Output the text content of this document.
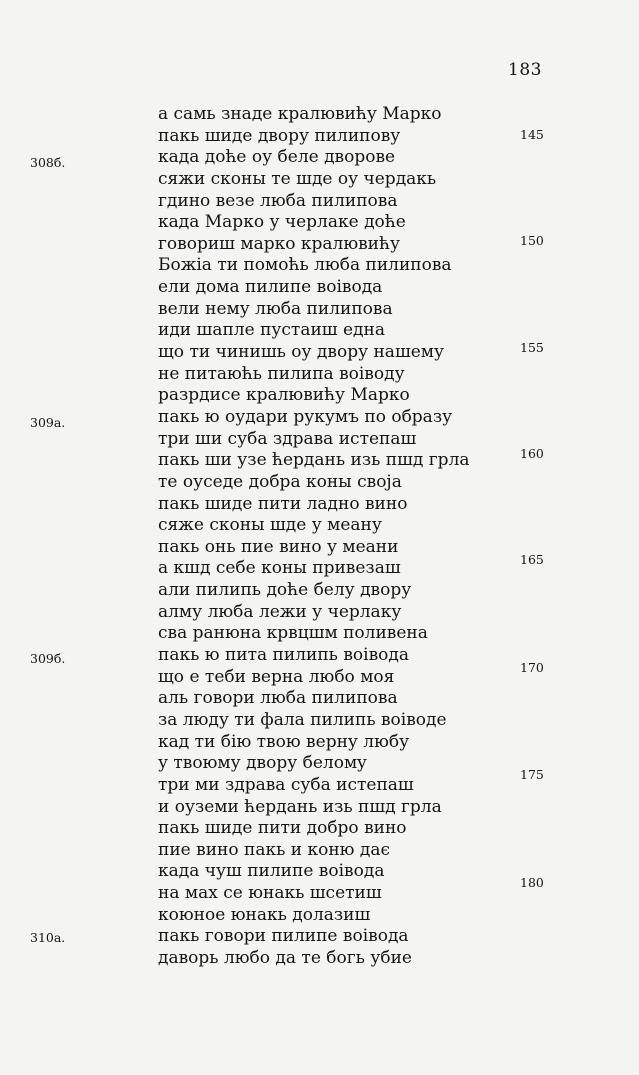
183
а самь знаде кралювићу Марко
пакь шиде двору пилипову
када доће оу беле дворове
сяжи сконы те шде оу чердакь
гдино везе люба пилипова
када Марко у черлаке доће
говориш марко кралювићу
Божіа ти помоћь люба пилипова
ели дома пилипе воівода
вели нему люба пилипова
иди шапле пустаиш една
що ти чинишь оу двору нашему
не питаюћь пилипа воіводу
разрдисе кралювићу Марко
пакь ю оудари рукумъ по образу
три ши суба здрава истепаш
пакь ши узе ћердань изь пшд грла
те оуседе добра коны своја
пакь шиде пити ладно вино
сяже сконы шде у меану
пакь онь пие вино у меани
а кшд себе коны привезаш
али пилипь доће белу двору
алму люба лежи у черлаку
сва ранюна крвцшм поливена
пакь ю пита пилипь воівода
що е теби верна любо моя
аль говори люба пилипова
за люду ти фала пилипь воіводе
кад ти бію твою верну любу
у твоюму двору беломy
три ми здрава суба истепаш
и оуземи ћердань изь пшд грла
пакь шиде пити добро вино
пие вино пакь и коню дає
када чуш пилипе воівода
на мах се юнакь шсетиш
коюное юнакь долазиш
пакь говори пилипе воівода
даворь любо да те богь убие
308б.
309а.
309б.
310а.
145
150
155
160
165
170
175
180
